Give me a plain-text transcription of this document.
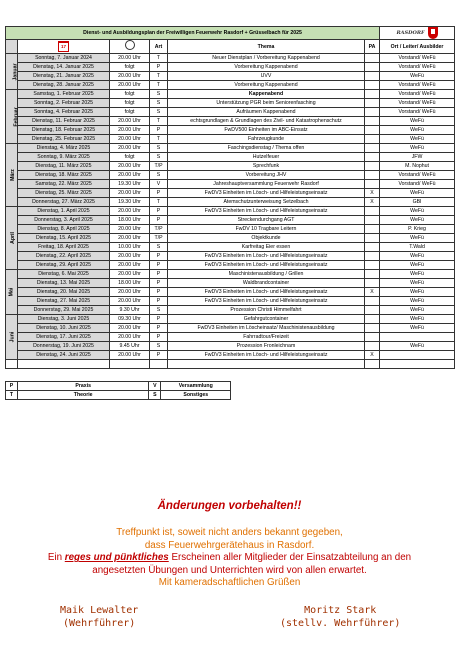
Dienst- und Ausbildungsplan der Freiwilligen Feuerwehr Rasdorf + Grüsselbach für 2025						RASDORF

	17		Art	Thema	PA	Ort / Leiter/ Ausbilder
Januar	Sonntag, 7. Januar 2024	20.00 Uhr	T	Neuer Dienstplan / Vorbereitung Kappenabend		Vorstand/ WeFü
	Dienstag, 14. Januar 2025	folgt	P	Vorbereitung Kappenabend		Vorstand/ WeFü
	Dienstag, 21. Januar 2025	20.00 Uhr	T	UVV		WeFü
	Dienstag, 28. Januar 2025	20.00 Uhr	T	Vorbereitung Kappenabend		Vorstand/ WeFü
Februar	Samstag, 1. Februar 2025	folgt	S	Kappenabend		Vorstand/ WeFü
	Sonntag, 2. Februar 2025	folgt	S	Unterstützung PGR beim Seniorenfasching		Vorstand/ WeFü
	Sonntag, 4. Februar 2025	folgt	S	Aufräumen Kappenabend		Vorstand/ WeFü
	Dienstag, 11. Februar 2025	20.00 Uhr	T	echtsgrundlagen & Grundlagen des Zivil- und Katastrophenschutz		WeFü
	Dienstag, 18. Februar 2025	20.00 Uhr	P	FwDV500 Einheiten im ABC-Einsatz		WeFü
	Dienstag, 25. Februar 2025	20.00 Uhr	T	Fahrzeugkunde		WeFü
März	Dienstag, 4. März 2025	20.00 Uhr	S	Faschingsdienstag / Thema offen		WeFü
	Sonntag, 9. März 2025	folgt	S	Hutzelfeuer		JFW
	Dienstag, 11. März 2025	20.00 Uhr	T/P	Sprechfunk		M. Nophut
	Dienstag, 18. März 2025	20.00 Uhr	S	Vorbereitung JHV		Vorstand/ WeFü
	Samstag, 22. März 2025	19.30 Uhr	V	Jahreshauptversammlung Feuerwehr Rasdorf		Vorstand/ WeFü
	Dienstag, 25. März 2025	20.00 Uhr	P	FwDV3 Einheiten im Lösch- und Hilfeleistungseinsatz	X	WeFü
	Donnerstag, 27. März 2025	19.30 Uhr	T	Atemschutzunterweisung Setzelbach	X	GBI
April	Dienstag, 1. April 2025	20.00 Uhr	P	FwDV3 Einheiten im Lösch- und Hilfeleistungseinsatz		WeFü
	Donnerstag, 3. April 2025	18.00 Uhr	P	Streckendurchgang AGT		WeFü
	Dienstag, 8. April 2025	20.00 Uhr	T/P	FwDV 10 Tragbare Leitern		P. Krieg
	Dienstag, 15. April 2025	20.00 Uhr	T/P	Objektkunde		WeFü
	Freitag, 18. April 2025	10.00 Uhr	S	Karfreitag Eier essen		T.Wald
	Dienstag, 22. April 2025	20.00 Uhr	P	FwDV3 Einheiten im Lösch- und Hilfeleistungseinsatz		WeFü
	Dienstag, 29. April 2025	20.00 Uhr	P	FwDV3 Einheiten im Lösch- und Hilfeleistungseinsatz		WeFü
Mai	Dienstag, 6. Mai 2025	20.00 Uhr	P	Maschinistenausbildung / Grillen		WeFü
	Dienstag, 13. Mai 2025	18.00 Uhr	P	Waldbrandcontainer		WeFü
	Dienstag, 20. Mai 2025	20.00 Uhr	P	FwDV3 Einheiten im Lösch- und Hilfeleistungseinsatz	X	WeFü
	Dienstag, 27. Mai 2025	20.00 Uhr	P	FwDV3 Einheiten im Lösch- und Hilfeleistungseinsatz		WeFü
	Donnerstag, 29. Mai 2025	9.30 Uhr	S	Prozession Christi Himmelfahrt		WeFü
Juni	Dienstag, 3. Juni 2025	09.30 Uhr	P	Gefahrgutcontainer		WeFü
	Dienstag, 10. Juni 2025	20.00 Uhr	P	FwDV3 Einheiten im Löscheinsatz/ Maschinistenausbildung		WeFü
	Dienstag, 17. Juni 2025	20.00 Uhr	P	Fahrradtour/Freizeit		
	Donnerstag, 19. Juni 2025	9.45 Uhr	S	Prozession Fronleichnam		WeFü
	Dienstag, 24. Juni 2025	20.00 Uhr	P	FwDV3 Einheiten im Lösch- und Hilfeleistungseinsatz	X	

P	Praxis	V	Versammlung	
T	Theorie	S	Sonstiges	
Änderungen vorbehalten!!
Treffpunkt ist, soweit nicht anders bekannt gegeben,
dass Feuerwehrgerätehaus in Rasdorf.
Ein reges und pünktliches Erscheinen aller Mitglieder der Einsatzabteilung an den
angesetzten Übungen und Unterrichten wird von allen erwartet.
Mit kameradschaftlichen Grüßen
Maik Lewalter
(Wehrführer)
Moritz Stark
(stellv. Wehrführer)
